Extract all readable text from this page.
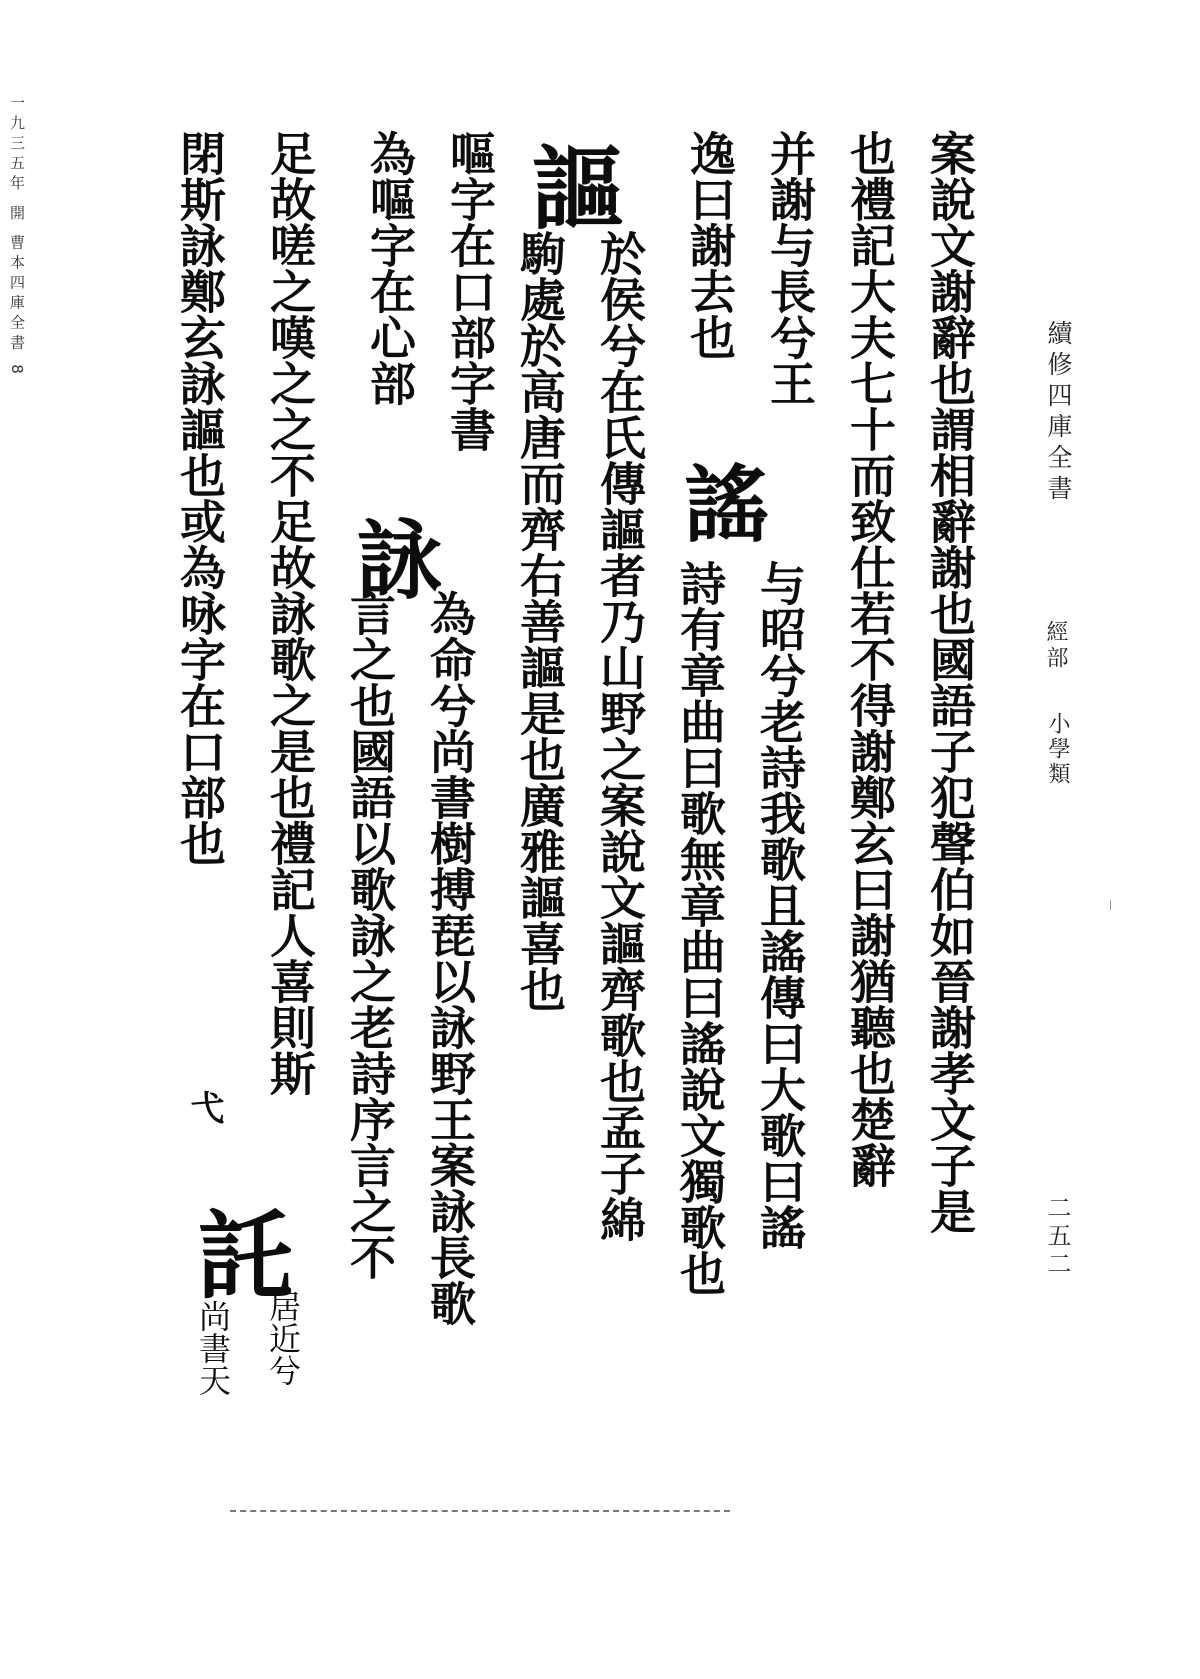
續修四庫全書
經部
小學類
二五二
一九三五年 開 曹本四庫全書 8	案說文謝辭也謂相辭謝也國語子犯聲伯如晉謝孝文子是
也禮記大夫七十而致仕若不得謝鄭玄曰謝猶聽也楚辭
并謝与長兮王
逸曰謝去也
与昭兮老詩我歌且謠傳曰大歌曰謠
詩有章曲曰歌無章曲曰謠說文獨歌也
於侯兮在氏傳謳者乃山野之案說文謳齊歌也孟子綿
駒處於高唐而齊右善謳是也廣雅謳喜也
嘔字在口部字書
為嘔字在心部
為命兮尚書樹搏琵以詠野王案詠長歌
言之也國語以歌詠之老詩序言之不
足故嗟之嘆之之不足故詠歌之是也禮記人喜則斯
閉斯詠鄭玄詠謳也或為咏字在口部也	謳
謠
詠
託
居近兮
尚書天
弋
